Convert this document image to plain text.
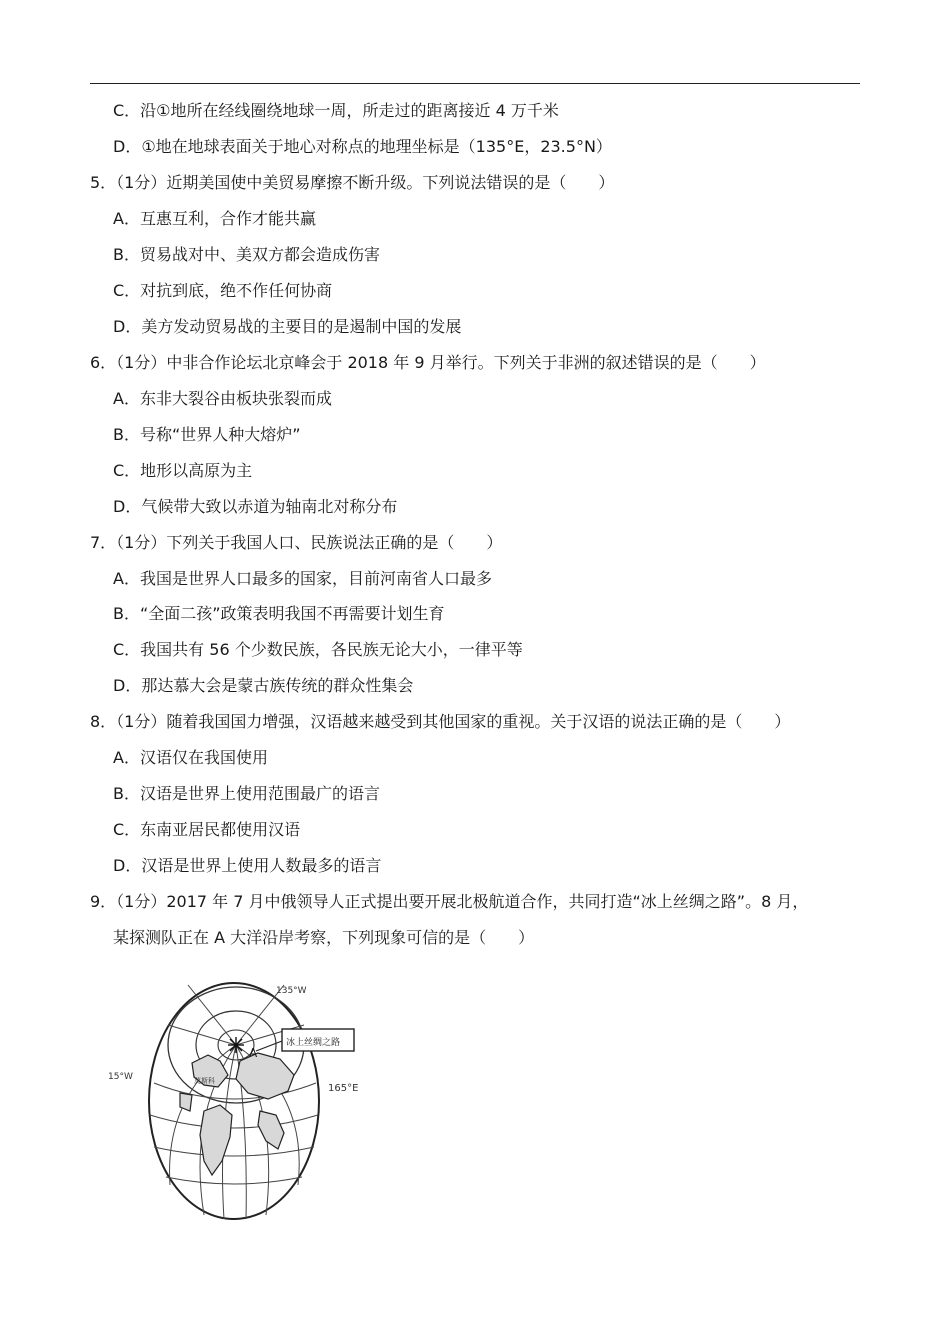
C．沿①地所在经线圈绕地球一周，所走过的距离接近 4 万千米
D．①地在地球表面关于地心对称点的地理坐标是（135°E，23.5°N）
5．（1分）近期美国使中美贸易摩擦不断升级。下列说法错误的是（　　）
A．互惠互利，合作才能共赢
B．贸易战对中、美双方都会造成伤害
C．对抗到底，绝不作任何协商
D．美方发动贸易战的主要目的是遏制中国的发展
6．（1分）中非合作论坛北京峰会于 2018 年 9 月举行。下列关于非洲的叙述错误的是（　　）
A．东非大裂谷由板块张裂而成
B．号称“世界人种大熔炉”
C．地形以高原为主
D．气候带大致以赤道为轴南北对称分布
7．（1分）下列关于我国人口、民族说法正确的是（　　）
A．我国是世界人口最多的国家，目前河南省人口最多
B．“全面二孩”政策表明我国不再需要计划生育
C．我国共有 56 个少数民族，各民族无论大小，一律平等
D．那达慕大会是蒙古族传统的群众性集会
8．（1分）随着我国国力增强，汉语越来越受到其他国家的重视。关于汉语的说法正确的是（　　）
A．汉语仅在我国使用
B．汉语是世界上使用范围最广的语言
C．东南亚居民都使用汉语
D．汉语是世界上使用人数最多的语言
9．（1分）2017 年 7 月中俄领导人正式提出要开展北极航道合作，共同打造“冰上丝绸之路”。8 月，
某探测队正在 A 大洋沿岸考察，下列现象可信的是（　　）
冰上丝绸之路
A
135°W
15°W
165°E
莫斯科
